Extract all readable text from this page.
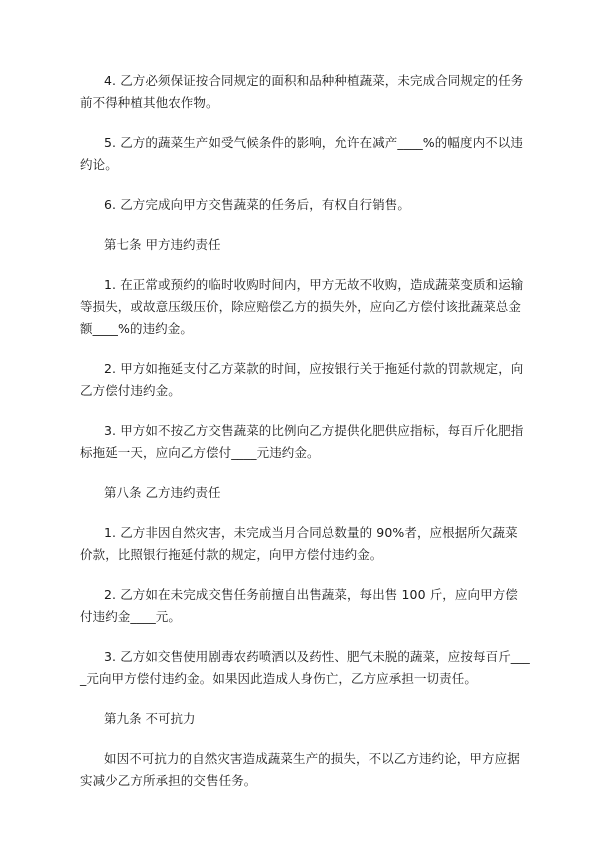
4. 乙方必须保证按合同规定的面积和品种种植蔬菜，未完成合同规定的任务前不得种植其他农作物。

5. 乙方的蔬菜生产如受气候条件的影响，允许在减产____%的幅度内不以违约论。

6. 乙方完成向甲方交售蔬菜的任务后，有权自行销售。

第七条 甲方违约责任

1. 在正常或预约的临时收购时间内，甲方无故不收购，造成蔬菜变质和运输等损失，或故意压级压价，除应赔偿乙方的损失外，应向乙方偿付该批蔬菜总金额____%的违约金。

2. 甲方如拖延支付乙方菜款的时间，应按银行关于拖延付款的罚款规定，向乙方偿付违约金。

3. 甲方如不按乙方交售蔬菜的比例向乙方提供化肥供应指标，每百斤化肥指标拖延一天，应向乙方偿付____元违约金。

第八条 乙方违约责任

1. 乙方非因自然灾害，未完成当月合同总数量的 90%者，应根据所欠蔬菜价款，比照银行拖延付款的规定，向甲方偿付违约金。

2. 乙方如在未完成交售任务前擅自出售蔬菜，每出售 100 斤，应向甲方偿付违约金____元。

3. 乙方如交售使用剧毒农药喷洒以及药性、肥气未脱的蔬菜，应按每百斤____元向甲方偿付违约金。如果因此造成人身伤亡，乙方应承担一切责任。

第九条 不可抗力

如因不可抗力的自然灾害造成蔬菜生产的损失，不以乙方违约论，甲方应据实减少乙方所承担的交售任务。
